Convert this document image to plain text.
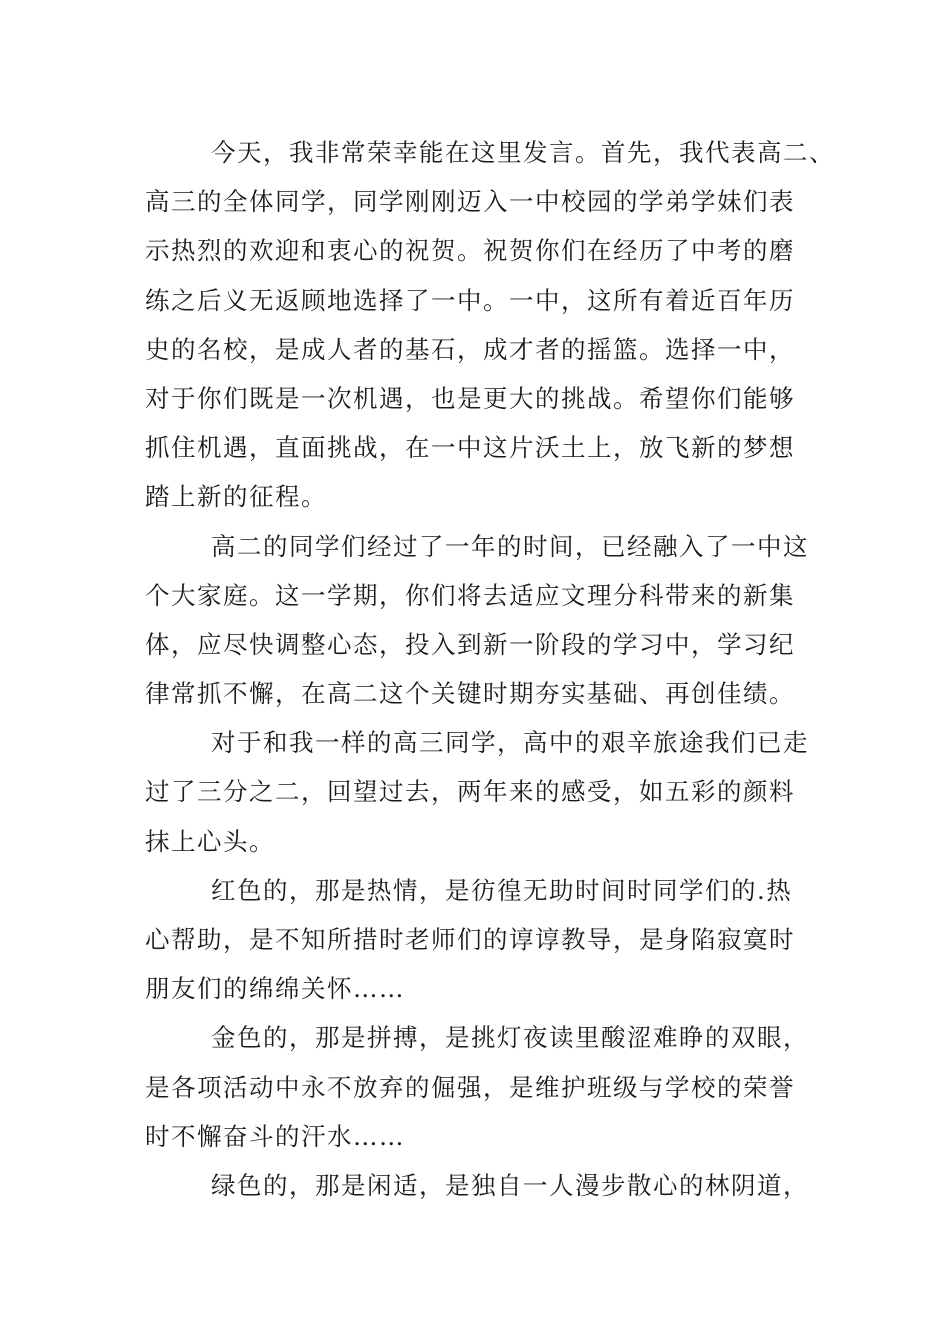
今天，我非常荣幸能在这里发言。首先，我代表高二、
高三的全体同学，同学刚刚迈入一中校园的学弟学妹们表
示热烈的欢迎和衷心的祝贺。祝贺你们在经历了中考的磨
练之后义无返顾地选择了一中。一中，这所有着近百年历
史的名校，是成人者的基石，成才者的摇篮。选择一中，
对于你们既是一次机遇，也是更大的挑战。希望你们能够
抓住机遇，直面挑战，在一中这片沃土上，放飞新的梦想
踏上新的征程。
高二的同学们经过了一年的时间，已经融入了一中这
个大家庭。这一学期，你们将去适应文理分科带来的新集
体，应尽快调整心态，投入到新一阶段的学习中，学习纪
律常抓不懈，在高二这个关键时期夯实基础、再创佳绩。
对于和我一样的高三同学，高中的艰辛旅途我们已走
过了三分之二，回望过去，两年来的感受，如五彩的颜料
抹上心头。
红色的，那是热情，是彷徨无助时间时同学们的.热
心帮助，是不知所措时老师们的谆谆教导，是身陷寂寞时
朋友们的绵绵关怀……
金色的，那是拼搏，是挑灯夜读里酸涩难睁的双眼，
是各项活动中永不放弃的倔强，是维护班级与学校的荣誉
时不懈奋斗的汗水……
绿色的，那是闲适，是独自一人漫步散心的林阴道，
